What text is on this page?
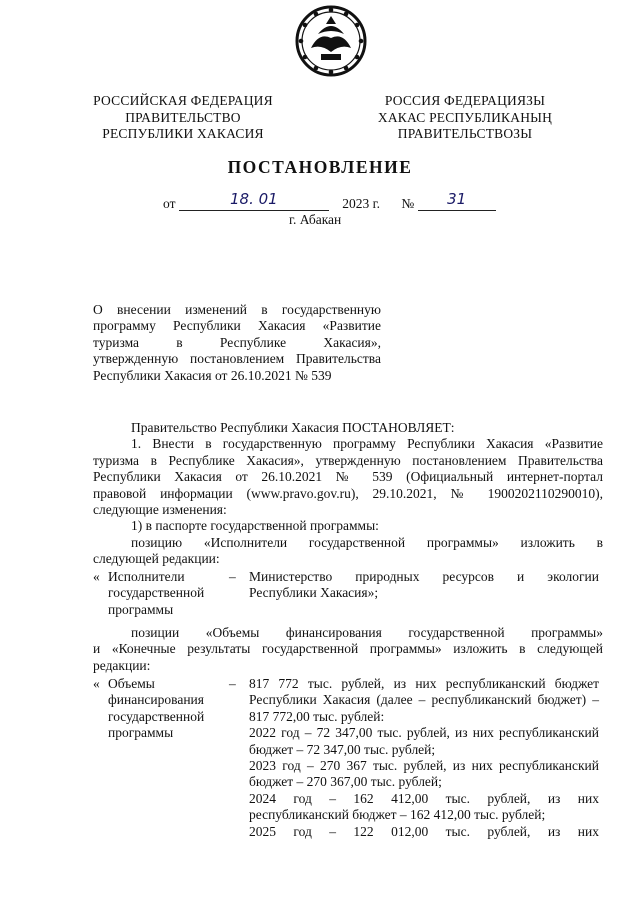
РОССИЙСКАЯ ФЕДЕРАЦИЯ
ПРАВИТЕЛЬСТВО
РЕСПУБЛИКИ ХАКАСИЯ
РОССИЯ ФЕДЕРАЦИЯЗЫ
ХАКАС РЕСПУБЛИКАНЫҢ
ПРАВИТЕЛЬСТВОЗЫ
ПОСТАНОВЛЕНИЕ
от	18. 01	2023 г. № 31
г. Абакан
О внесении изменений в государственную
программу Республики Хакасия «Развитие
туризма в Республике Хакасия»,
утвержденную постановлением Правительства
Республики Хакасия от 26.10.2021 № 539
Правительство Республики Хакасия ПОСТАНОВЛЯЕТ:
1. Внести в государственную программу Республики Хакасия «Развитие
туризма в Республике Хакасия», утвержденную постановлением Правительства
Республики Хакасия от 26.10.2021 № 539 (Официальный интернет-портал
правовой информации (www.pravo.gov.ru), 29.10.2021, № 1900202110290010),
следующие изменения:
1) в паспорте государственной программы:
позицию «Исполнители государственной программы» изложить в
следующей редакции:
« Исполнители
государственной
программы
– Министерство природных ресурсов и экологии
Республики Хакасия»;
позиции «Объемы финансирования государственной программы»
и «Конечные результаты государственной программы» изложить в следующей
редакции:
« Объемы
финансирования
государственной
программы
– 817 772 тыс. рублей, из них республиканский бюджет
Республики Хакасия (далее – республиканский бюджет) –
817 772,00 тыс. рублей:
2022 год – 72 347,00 тыс. рублей, из них республиканский
бюджет – 72 347,00 тыс. рублей;
2023 год – 270 367 тыс. рублей, из них республиканский
бюджет – 270 367,00 тыс. рублей;
2024 год – 162 412,00 тыс. рублей, из них
республиканский бюджет – 162 412,00 тыс. рублей;
2025 год – 122 012,00 тыс. рублей, из них
